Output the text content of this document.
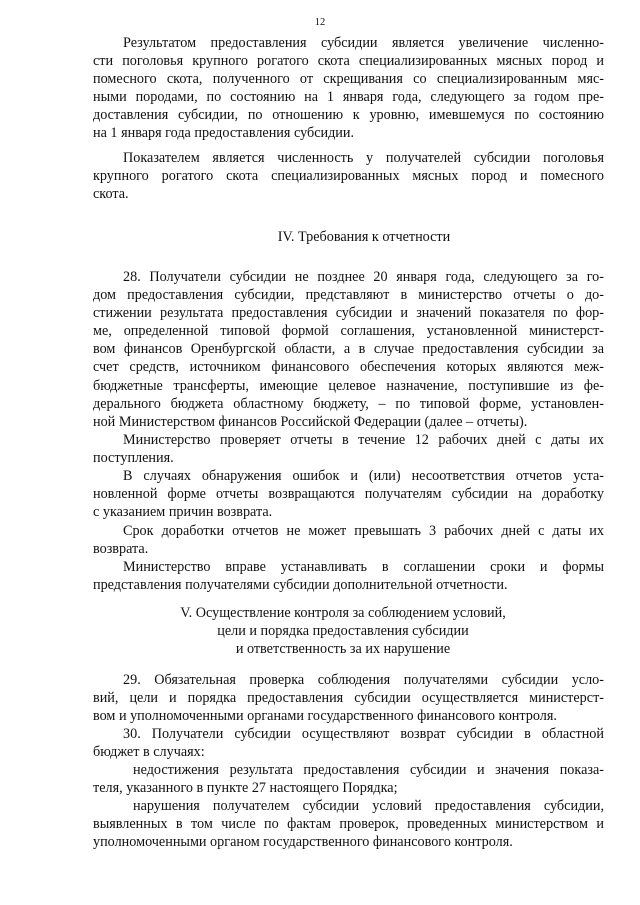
12
Результатом предоставления субсидии является увеличение численно-
сти поголовья крупного рогатого скота специализированных мясных пород и
помесного скота, полученного от скрещивания со специализированным мяс-
ными породами, по состоянию на 1 января года, следующего за годом пре-
доставления субсидии, по отношению к уровню, имевшемуся по состоянию
на 1 января года предоставления субсидии.
Показателем является численность у получателей субсидии поголовья
крупного рогатого скота специализированных мясных пород и помесного
скота.
IV. Требования к отчетности
28. Получатели субсидии не позднее 20 января года, следующего за го-
дом предоставления субсидии, представляют в министерство отчеты о до-
стижении результата предоставления субсидии и значений показателя по фор-
ме, определенной типовой формой соглашения, установленной министерст-
вом финансов Оренбургской области, а в случае предоставления субсидии за
счет средств, источником финансового обеспечения которых являются меж-
бюджетные трансферты, имеющие целевое назначение, поступившие из фе-
дерального бюджета областному бюджету, – по типовой форме, установлен-
ной Министерством финансов Российской Федерации (далее – отчеты).
Министерство проверяет отчеты в течение 12 рабочих дней с даты их
поступления.
В случаях обнаружения ошибок и (или) несоответствия отчетов уста-
новленной форме отчеты возвращаются получателям субсидии на доработку
с указанием причин возврата.
Срок доработки отчетов не может превышать 3 рабочих дней с даты их
возврата.
Министерство вправе устанавливать в соглашении сроки и формы
представления получателями субсидии дополнительной отчетности.
V. Осуществление контроля за соблюдением условий,
цели и порядка предоставления субсидии
и ответственность за их нарушение
29. Обязательная проверка соблюдения получателями субсидии усло-
вий, цели и порядка предоставления субсидии осуществляется министерст-
вом и уполномоченными органами государственного финансового контроля.
30. Получатели субсидии осуществляют возврат субсидии в областной
бюджет в случаях:
недостижения результата предоставления субсидии и значения показа-
теля, указанного в пункте 27 настоящего Порядка;
нарушения получателем субсидии условий предоставления субсидии,
выявленных в том числе по фактам проверок, проведенных министерством и
уполномоченными органом государственного финансового контроля.
